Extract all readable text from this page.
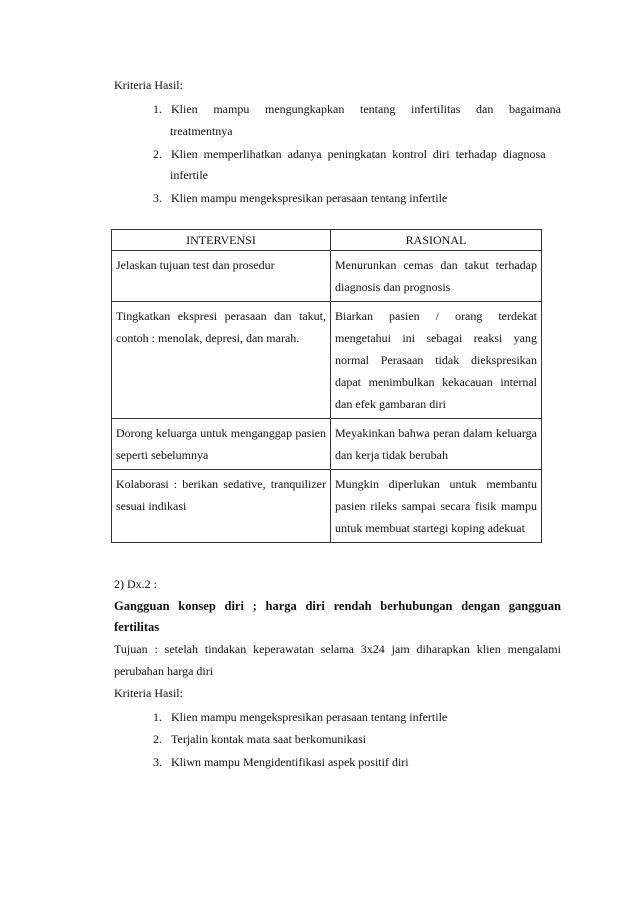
Kriteria Hasil:
1. Klien mampu mengungkapkan tentang infertilitas dan bagaimana
treatmentnya
2. Klien memperlihatkan adanya peningkatan kontrol diri terhadap diagnosa
infertile
3. Klien mampu mengekspresikan perasaan tentang infertile
INTERVENSI	RASIONAL
Jelaskan tujuan test dan prosedur	Menurunkan cemas dan takut terhadap diagnosis dan prognosis
Tingkatkan ekspresi perasaan dan takut, contoh : menolak, depresi, dan marah.	Biarkan pasien / orang terdekat mengetahui ini sebagai reaksi yang normal Perasaan tidak diekspresikan dapat menimbulkan kekacauan internal dan efek gambaran diri
Dorong keluarga untuk menganggap pasien seperti sebelumnya	Meyakinkan bahwa peran dalam keluarga dan kerja tidak berubah
Kolaborasi : berikan sedative, tranquilizer sesuai indikasi	Mungkin diperlukan untuk membantu pasien rileks sampai secara fisik mampu untuk membuat startegi koping adekuat
2) Dx.2 :
Gangguan konsep diri ; harga diri rendah berhubungan dengan gangguan
fertilitas
Tujuan : setelah tindakan keperawatan selama 3x24 jam diharapkan klien mengalami
perubahan harga diri
Kriteria Hasil:
1. Klien mampu mengekspresikan perasaan tentang infertile
2. Terjalin kontak mata saat berkomunikasi
3. Kliwn mampu Mengidentifikasi aspek positif diri
